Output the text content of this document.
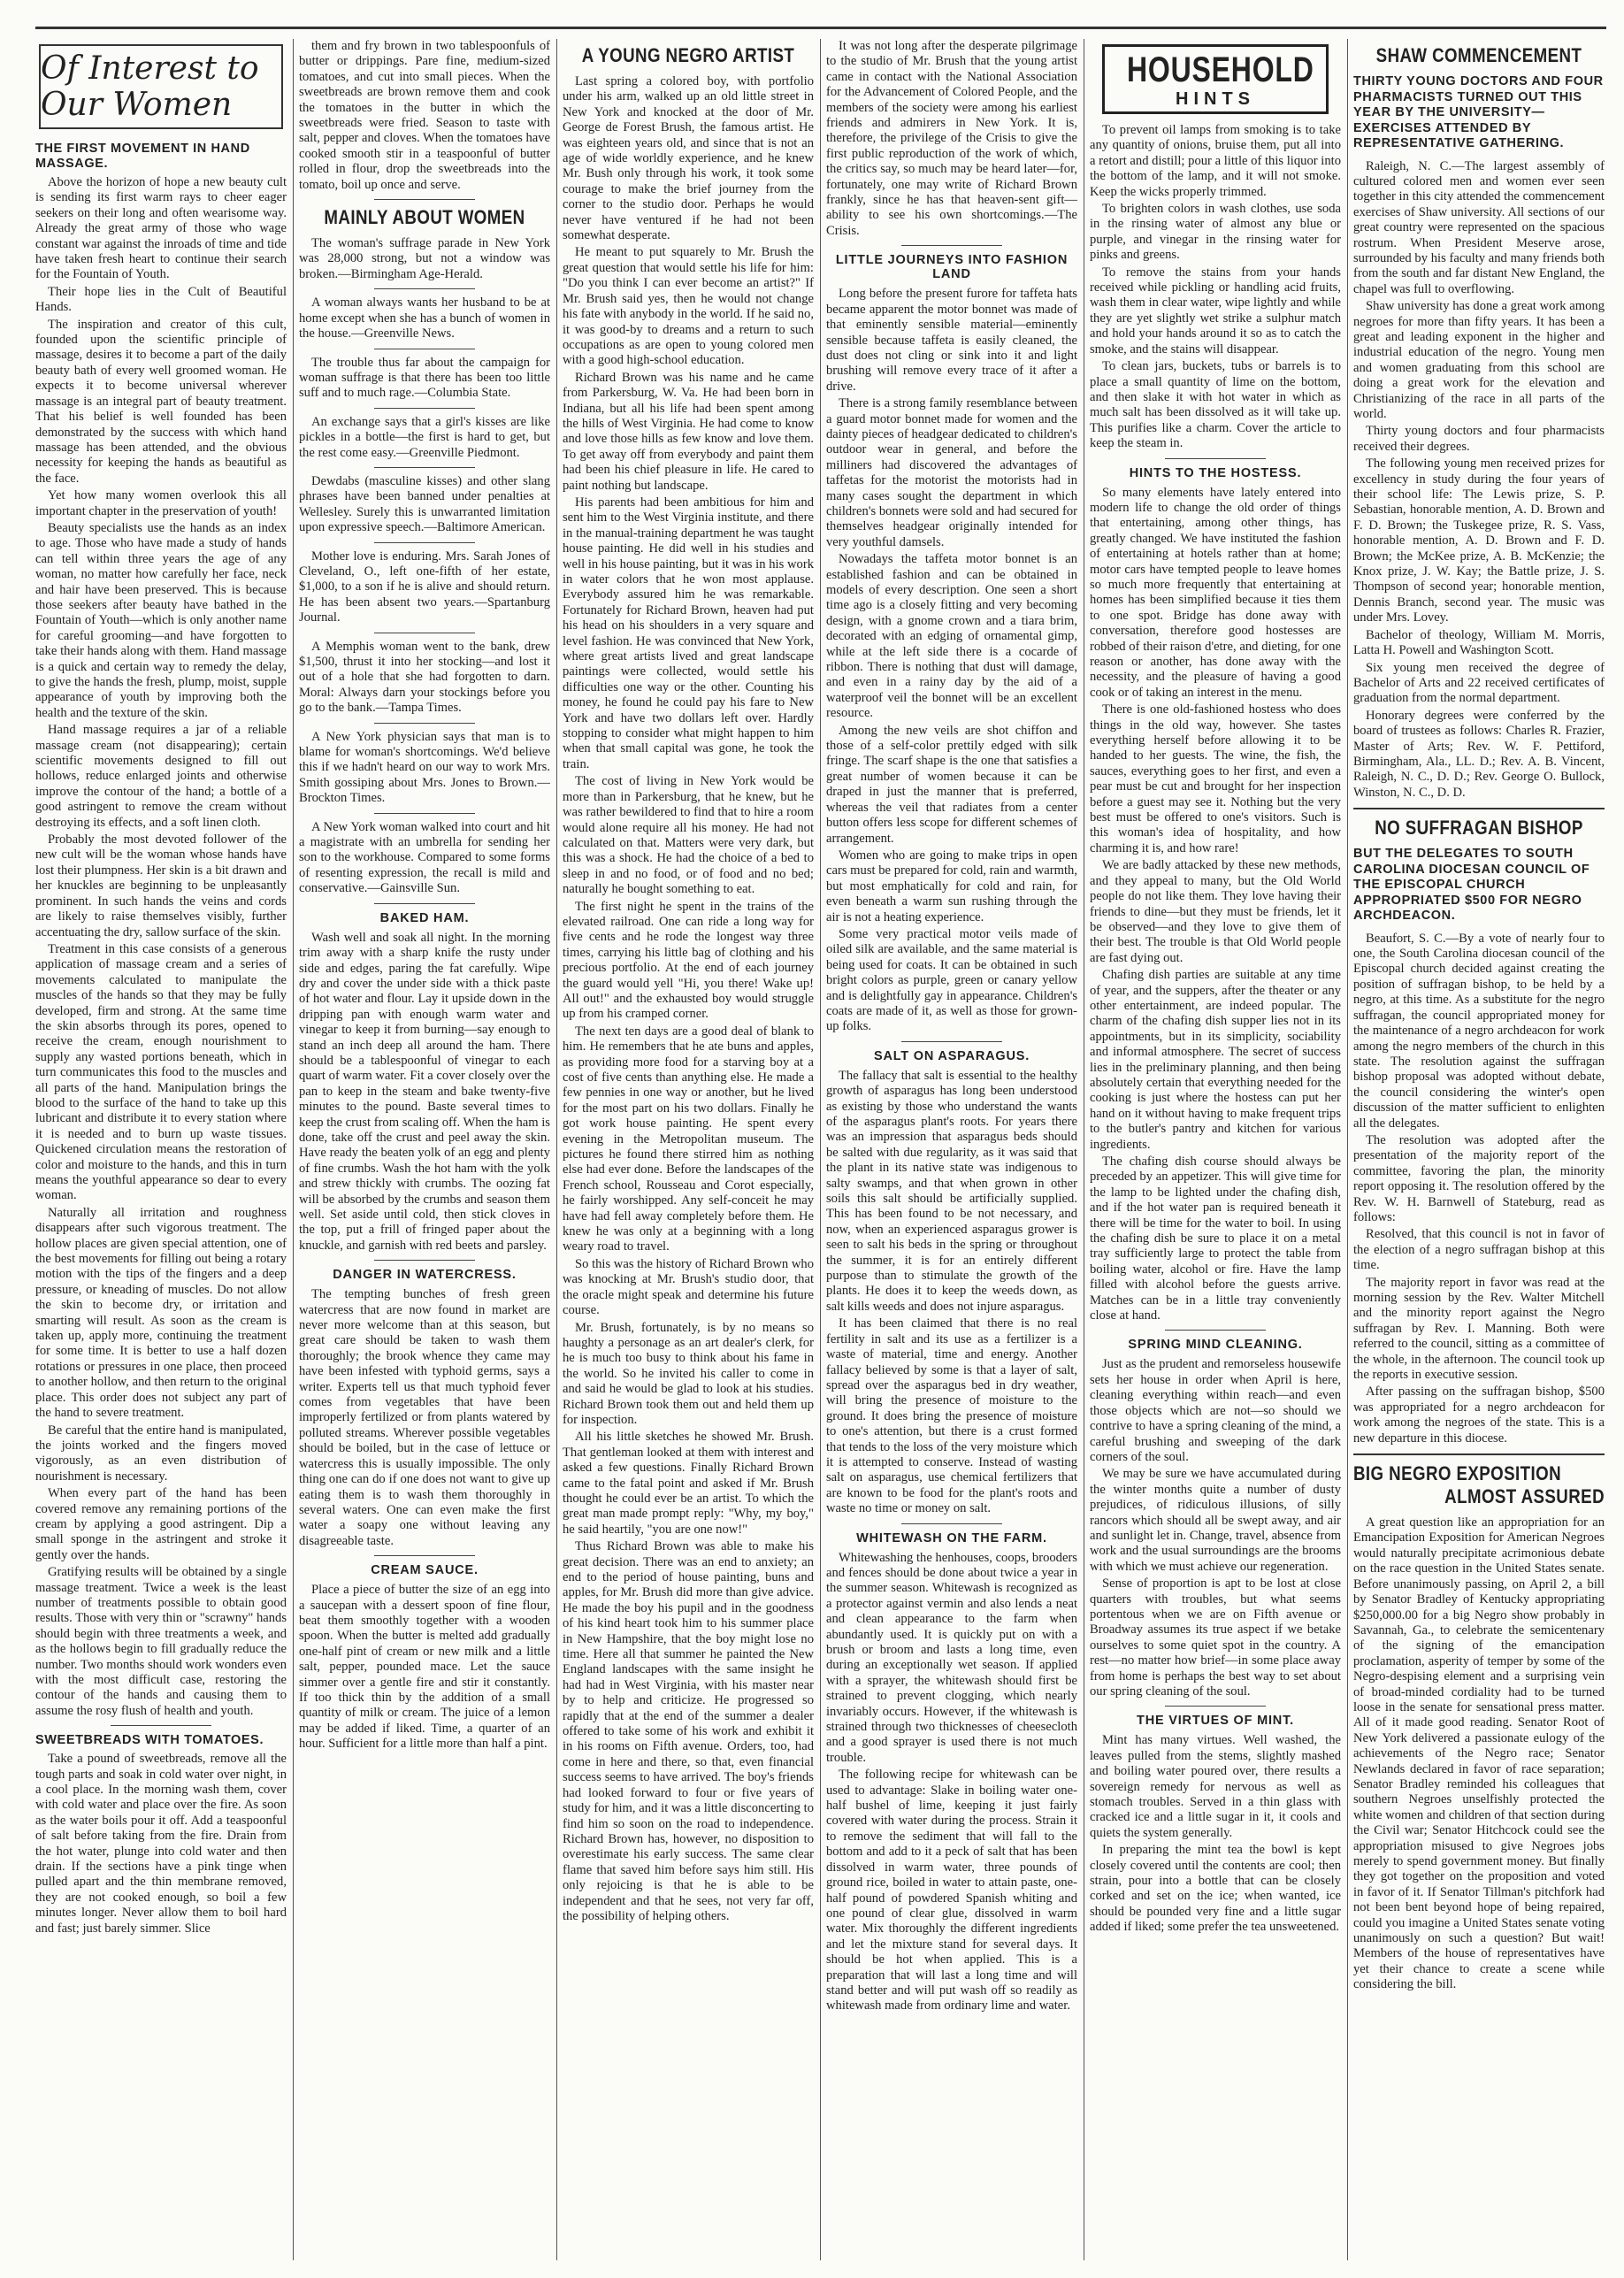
Of Interest to Our Women
THE FIRST MOVEMENT IN HAND MASSAGE.

Above the horizon of hope a new beauty cult is sending its first warm rays to cheer eager seekers on their long and often wearisome way. Already the great army of those who wage constant war against the inroads of time and tide have taken fresh heart to continue their search for the Fountain of Youth.

Their hope lies in the Cult of Beautiful Hands.

The inspiration and creator of this cult, founded upon the scientific principle of massage, desires it to become a part of the daily beauty bath of every well groomed woman. He expects it to become universal wherever massage is an integral part of beauty treatment. That his belief is well founded has been demonstrated by the success with which hand massage has been attended, and the obvious necessity for keeping the hands as beautiful as the face.

Yet how many women overlook this all important chapter in the preservation of youth!

Beauty specialists use the hands as an index to age. Those who have made a study of hands can tell within three years the age of any woman, no matter how carefully her face, neck and hair have been preserved. This is because those seekers after beauty have bathed in the Fountain of Youth—which is only another name for careful grooming—and have forgotten to take their hands along with them. Hand massage is a quick and certain way to remedy the delay, to give the hands the fresh, plump, moist, supple appearance of youth by improving both the health and the texture of the skin.

Hand massage requires a jar of a reliable massage cream (not disappearing); certain scientific movements designed to fill out hollows, reduce enlarged joints and otherwise improve the contour of the hand; a bottle of a good astringent to remove the cream without destroying its effects, and a soft linen cloth.

Probably the most devoted follower of the new cult will be the woman whose hands have lost their plumpness. Her skin is a bit drawn and her knuckles are beginning to be unpleasantly prominent. In such hands the veins and cords are likely to raise themselves visibly, further accentuating the dry, sallow surface of the skin.

Treatment in this case consists of a generous application of massage cream and a series of movements calculated to manipulate the muscles of the hands so that they may be fully developed, firm and strong. At the same time the skin absorbs through its pores, opened to receive the cream, enough nourishment to supply any wasted portions beneath, which in turn communicates this food to the muscles and all parts of the hand. Manipulation brings the blood to the surface of the hand to take up this lubricant and distribute it to every station where it is needed and to burn up waste tissues. Quickened circulation means the restoration of color and moisture to the hands, and this in turn means the youthful appearance so dear to every woman.

Naturally all irritation and roughness disappears after such vigorous treatment. The hollow places are given special attention, one of the best movements for filling out being a rotary motion with the tips of the fingers and a deep pressure, or kneading of muscles. Do not allow the skin to become dry, or irritation and smarting will result. As soon as the cream is taken up, apply more, continuing the treatment for some time. It is better to use a half dozen rotations or pressures in one place, then proceed to another hollow, and then return to the original place. This order does not subject any part of the hand to severe treatment.

Be careful that the entire hand is manipulated, the joints worked and the fingers moved vigorously, as an even distribution of nourishment is necessary.

When every part of the hand has been covered remove any remaining portions of the cream by applying a good astringent. Dip a small sponge in the astringent and stroke it gently over the hands.

Gratifying results will be obtained by a single massage treatment. Twice a week is the least number of treatments possible to obtain good results. Those with very thin or "scrawny" hands should begin with three treatments a week, and as the hollows begin to fill gradually reduce the number. Two months should work wonders even with the most difficult case, restoring the contour of the hands and causing them to assume the rosy flush of health and youth.

SWEETBREADS WITH TOMATOES.

Take a pound of sweetbreads, remove all the tough parts and soak in cold water over night, in a cool place. In the morning wash them, cover with cold water and place over the fire. As soon as the water boils pour it off. Add a teaspoonful of salt before taking from the fire. Drain from the hot water, plunge into cold water and then drain. If the sections have a pink tinge when pulled apart and the thin membrane removed, they are not cooked enough, so boil a few minutes longer. Never allow them to boil hard and fast; just barely simmer. Slice

them and fry brown in two tablespoonfuls of butter or drippings. Pare fine, medium-sized tomatoes, and cut into small pieces. When the sweetbreads are brown remove them and cook the tomatoes in the butter in which the sweetbreads were fried. Season to taste with salt, pepper and cloves. When the tomatoes have cooked smooth stir in a teaspoonful of butter rolled in flour, drop the sweetbreads into the tomato, boil up once and serve.

MAINLY ABOUT WOMEN

The woman's suffrage parade in New York was 28,000 strong, but not a window was broken.—Birmingham Age-Herald.

A woman always wants her husband to be at home except when she has a bunch of women in the house.—Greenville News.

The trouble thus far about the campaign for woman suffrage is that there has been too little suff and to much rage.—Columbia State.

An exchange says that a girl's kisses are like pickles in a bottle—the first is hard to get, but the rest come easy.—Greenville Piedmont.

Dewdabs (masculine kisses) and other slang phrases have been banned under penalties at Wellesley. Surely this is unwarranted limitation upon expressive speech.—Baltimore American.

Mother love is enduring. Mrs. Sarah Jones of Cleveland, O., left one-fifth of her estate, $1,000, to a son if he is alive and should return. He has been absent two years.—Spartanburg Journal.

A Memphis woman went to the bank, drew $1,500, thrust it into her stocking—and lost it out of a hole that she had forgotten to darn. Moral: Always darn your stockings before you go to the bank.—Tampa Times.

A New York physician says that man is to blame for woman's shortcomings. We'd believe this if we hadn't heard on our way to work Mrs. Smith gossiping about Mrs. Jones to Brown.—Brockton Times.

A New York woman walked into court and hit a magistrate with an umbrella for sending her son to the workhouse. Compared to some forms of resenting expression, the recall is mild and conservative.—Gainsville Sun.

BAKED HAM.

Wash well and soak all night. In the morning trim away with a sharp knife the rusty under side and edges, paring the fat carefully. Wipe dry and cover the under side with a thick paste of hot water and flour. Lay it upside down in the dripping pan with enough warm water and vinegar to keep it from burning—say enough to stand an inch deep all around the ham. There should be a tablespoonful of vinegar to each quart of warm water. Fit a cover closely over the pan to keep in the steam and bake twenty-five minutes to the pound. Baste several times to keep the crust from scaling off. When the ham is done, take off the crust and peel away the skin. Have ready the beaten yolk of an egg and plenty of fine crumbs. Wash the hot ham with the yolk and strew thickly with crumbs. The oozing fat will be absorbed by the crumbs and season them well. Set aside until cold, then stick cloves in the top, put a frill of fringed paper about the knuckle, and garnish with red beets and parsley.

DANGER IN WATERCRESS.

The tempting bunches of fresh green watercress that are now found in market are never more welcome than at this season, but great care should be taken to wash them thoroughly; the brook whence they came may have been infested with typhoid germs, says a writer. Experts tell us that much typhoid fever comes from vegetables that have been improperly fertilized or from plants watered by polluted streams. Wherever possible vegetables should be boiled, but in the case of lettuce or watercress this is usually impossible. The only thing one can do if one does not want to give up eating them is to wash them thoroughly in several waters. One can even make the first water a soapy one without leaving any disagreeable taste.

CREAM SAUCE.

Place a piece of butter the size of an egg into a saucepan with a dessert spoon of fine flour, beat them smoothly together with a wooden spoon. When the butter is melted add gradually one-half pint of cream or new milk and a little salt, pepper, pounded mace. Let the sauce simmer over a gentle fire and stir it constantly. If too thick thin by the addition of a small quantity of milk or cream. The juice of a lemon may be added if liked. Time, a quarter of an hour. Sufficient for a little more than half a pint.

A YOUNG NEGRO ARTIST

Last spring a colored boy, with portfolio under his arm, walked up an old little street in New York and knocked at the door of Mr. George de Forest Brush, the famous artist. He was eighteen years old, and since that is not an age of wide worldly experience, and he knew Mr. Bush only through his work, it took some courage to make the brief journey from the corner to the studio door. Perhaps he would never have ventured if he had not been somewhat desperate.

He meant to put squarely to Mr. Brush the great question that would settle his life for him: "Do you think I can ever become an artist?" If Mr. Brush said yes, then he would not change his fate with anybody in the world. If he said no, it was good-by to dreams and a return to such occupations as are open to young colored men with a good high-school education.

Richard Brown was his name and he came from Parkersburg, W. Va. He had been born in Indiana, but all his life had been spent among the hills of West Virginia. He had come to know and love those hills as few know and love them. To get away off from everybody and paint them had been his chief pleasure in life. He cared to paint nothing but landscape.

His parents had been ambitious for him and sent him to the West Virginia institute, and there in the manual-training department he was taught house painting. He did well in his studies and well in his house painting, but it was in his work in water colors that he won most applause. Everybody assured him he was remarkable. Fortunately for Richard Brown, heaven had put his head on his shoulders in a very square and level fashion. He was convinced that New York, where great artists lived and great landscape paintings were collected, would settle his difficulties one way or the other. Counting his money, he found he could pay his fare to New York and have two dollars left over. Hardly stopping to consider what might happen to him when that small capital was gone, he took the train.

The cost of living in New York would be more than in Parkersburg, that he knew, but he was rather bewildered to find that to hire a room would alone require all his money. He had not calculated on that. Matters were very dark, but this was a shock. He had the choice of a bed to sleep in and no food, or of food and no bed; naturally he bought something to eat.

The first night he spent in the trains of the elevated railroad. One can ride a long way for five cents and he rode the longest way three times, carrying his little bag of clothing and his precious portfolio. At the end of each journey the guard would yell "Hi, you there! Wake up! All out!" and the exhausted boy would struggle up from his cramped corner.

The next ten days are a good deal of blank to him. He remembers that he ate buns and apples, as providing more food for a starving boy at a cost of five cents than anything else. He made a few pennies in one way or another, but he lived for the most part on his two dollars. Finally he got work house painting. He spent every evening in the Metropolitan museum. The pictures he found there stirred him as nothing else had ever done. Before the landscapes of the French school, Rousseau and Corot especially, he fairly worshipped. Any self-conceit he may have had fell away completely before them. He knew he was only at a beginning with a long weary road to travel.

So this was the history of Richard Brown who was knocking at Mr. Brush's studio door, that the oracle might speak and determine his future course.

Mr. Brush, fortunately, is by no means so haughty a personage as an art dealer's clerk, for he is much too busy to think about his fame in the world. So he invited his caller to come in and said he would be glad to look at his studies. Richard Brown took them out and held them up for inspection.

All his little sketches he showed Mr. Brush. That gentleman looked at them with interest and asked a few questions. Finally Richard Brown came to the fatal point and asked if Mr. Brush thought he could ever be an artist. To which the great man made prompt reply: "Why, my boy," he said heartily, "you are one now!"

Thus Richard Brown was able to make his great decision. There was an end to anxiety; an end to the period of house painting, buns and apples, for Mr. Brush did more than give advice. He made the boy his pupil and in the goodness of his kind heart took him to his summer place in New Hampshire, that the boy might lose no time. Here all that summer he painted the New England landscapes with the same insight he had had in West Virginia, with his master near by to help and criticize. He progressed so rapidly that at the end of the summer a dealer offered to take some of his work and exhibit it in his rooms on Fifth avenue. Orders, too, had come in here and there, so that, even financial success seems to have arrived. The boy's friends had looked forward to four or five years of study for him, and it was a little disconcerting to find him so soon on the road to independence. Richard Brown has, however, no disposition to overestimate his early success. The same clear flame that saved him before says him still. His only rejoicing is that he is able to be independent and that he sees, not very far off, the possibility of helping others.

It was not long after the desperate pilgrimage to the studio of Mr. Brush that the young artist came in contact with the National Association for the Advancement of Colored People, and the members of the society were among his earliest friends and admirers in New York. It is, therefore, the privilege of the Crisis to give the first public reproduction of the work of which, the critics say, so much may be heard later—for, fortunately, one may write of Richard Brown frankly, since he has that heaven-sent gift—ability to see his own shortcomings.—The Crisis.

LITTLE JOURNEYS INTO FASHION LAND

Long before the present furore for taffeta hats became apparent the motor bonnet was made of that eminently sensible material—eminently sensible because taffeta is easily cleaned, the dust does not cling or sink into it and light brushing will remove every trace of it after a drive.

There is a strong family resemblance between a guard motor bonnet made for women and the dainty pieces of headgear dedicated to children's outdoor wear in general, and before the milliners had discovered the advantages of taffetas for the motorist the motorists had in many cases sought the department in which children's bonnets were sold and had secured for themselves headgear originally intended for very youthful damsels.

Nowadays the taffeta motor bonnet is an established fashion and can be obtained in models of every description. One seen a short time ago is a closely fitting and very becoming design, with a gnome crown and a tiara brim, decorated with an edging of ornamental gimp, while at the left side there is a cocarde of ribbon. There is nothing that dust will damage, and even in a rainy day by the aid of a waterproof veil the bonnet will be an excellent resource.

Among the new veils are shot chiffon and those of a self-color prettily edged with silk fringe. The scarf shape is the one that satisfies a great number of women because it can be draped in just the manner that is preferred, whereas the veil that radiates from a center button offers less scope for different schemes of arrangement.

Women who are going to make trips in open cars must be prepared for cold, rain and warmth, but most emphatically for cold and rain, for even beneath a warm sun rushing through the air is not a heating experience.

Some very practical motor veils made of oiled silk are available, and the same material is being used for coats. It can be obtained in such bright colors as purple, green or canary yellow and is delightfully gay in appearance. Children's coats are made of it, as well as those for grown-up folks.

SALT ON ASPARAGUS.

The fallacy that salt is essential to the healthy growth of asparagus has long been understood as existing by those who understand the wants of the asparagus plant's roots. For years there was an impression that asparagus beds should be salted with due regularity, as it was said that the plant in its native state was indigenous to salty swamps, and that when grown in other soils this salt should be artificially supplied. This has been found to be not necessary, and now, when an experienced asparagus grower is seen to salt his beds in the spring or throughout the summer, it is for an entirely different purpose than to stimulate the growth of the plants. He does it to keep the weeds down, as salt kills weeds and does not injure asparagus.

It has been claimed that there is no real fertility in salt and its use as a fertilizer is a waste of material, time and energy. Another fallacy believed by some is that a layer of salt, spread over the asparagus bed in dry weather, will bring the presence of moisture to the ground. It does bring the presence of moisture to one's attention, but there is a crust formed that tends to the loss of the very moisture which it is attempted to conserve. Instead of wasting salt on asparagus, use chemical fertilizers that are known to be food for the plant's roots and waste no time or money on salt.

WHITEWASH ON THE FARM.

Whitewashing the henhouses, coops, brooders and fences should be done about twice a year in the summer season. Whitewash is recognized as a protector against vermin and also lends a neat and clean appearance to the farm when abundantly used. It is quickly put on with a brush or broom and lasts a long time, even during an exceptionally wet season. If applied with a sprayer, the whitewash should first be strained to prevent clogging, which nearly invariably occurs. However, if the whitewash is strained through two thicknesses of cheesecloth and a good sprayer is used there is not much trouble.

The following recipe for whitewash can be used to advantage: Slake in boiling water one-half bushel of lime, keeping it just fairly covered with water during the process. Strain it to remove the sediment that will fall to the bottom and add to it a peck of salt that has been dissolved in warm water, three pounds of ground rice, boiled in water to attain paste, one-half pound of powdered Spanish whiting and one pound of clear glue, dissolved in warm water. Mix thoroughly the different ingredients and let the mixture stand for several days. It should be hot when applied. This is a preparation that will last a long time and will stand better and will put wash off so readily as whitewash made from ordinary lime and water.

HOUSEHOLD
HINTS

To prevent oil lamps from smoking is to take any quantity of onions, bruise them, put all into a retort and distill; pour a little of this liquor into the bottom of the lamp, and it will not smoke. Keep the wicks properly trimmed.

To brighten colors in wash clothes, use soda in the rinsing water of almost any blue or purple, and vinegar in the rinsing water for pinks and greens.

To remove the stains from your hands received while pickling or handling acid fruits, wash them in clear water, wipe lightly and while they are yet slightly wet strike a sulphur match and hold your hands around it so as to catch the smoke, and the stains will disappear.

To clean jars, buckets, tubs or barrels is to place a small quantity of lime on the bottom, and then slake it with hot water in which as much salt has been dissolved as it will take up. This purifies like a charm. Cover the article to keep the steam in.

HINTS TO THE HOSTESS.

So many elements have lately entered into modern life to change the old order of things that entertaining, among other things, has greatly changed. We have instituted the fashion of entertaining at hotels rather than at home; motor cars have tempted people to leave homes so much more frequently that entertaining at homes has been simplified because it ties them to one spot. Bridge has done away with conversation, therefore good hostesses are robbed of their raison d'etre, and dieting, for one reason or another, has done away with the necessity, and the pleasure of having a good cook or of taking an interest in the menu.

There is one old-fashioned hostess who does things in the old way, however. She tastes everything herself before allowing it to be handed to her guests. The wine, the fish, the sauces, everything goes to her first, and even a pear must be cut and brought for her inspection before a guest may see it. Nothing but the very best must be offered to one's visitors. Such is this woman's idea of hospitality, and how charming it is, and how rare!

We are badly attacked by these new methods, and they appeal to many, but the Old World people do not like them. They love having their friends to dine—but they must be friends, let it be observed—and they love to give them of their best. The trouble is that Old World people are fast dying out.

Chafing dish parties are suitable at any time of year, and the suppers, after the theater or any other entertainment, are indeed popular. The charm of the chafing dish supper lies not in its appointments, but in its simplicity, sociability and informal atmosphere. The secret of success lies in the preliminary planning, and then being absolutely certain that everything needed for the cooking is just where the hostess can put her hand on it without having to make frequent trips to the butler's pantry and kitchen for various ingredients.

The chafing dish course should always be preceded by an appetizer. This will give time for the lamp to be lighted under the chafing dish, and if the hot water pan is required beneath it there will be time for the water to boil. In using the chafing dish be sure to place it on a metal tray sufficiently large to protect the table from boiling water, alcohol or fire. Have the lamp filled with alcohol before the guests arrive. Matches can be in a little tray conveniently close at hand.

SPRING MIND CLEANING.

Just as the prudent and remorseless housewife sets her house in order when April is here, cleaning everything within reach—and even those objects which are not—so should we contrive to have a spring cleaning of the mind, a careful brushing and sweeping of the dark corners of the soul.

We may be sure we have accumulated during the winter months quite a number of dusty prejudices, of ridiculous illusions, of silly rancors which should all be swept away, and air and sunlight let in. Change, travel, absence from work and the usual surroundings are the brooms with which we must achieve our regeneration.

Sense of proportion is apt to be lost at close quarters with troubles, but what seems portentous when we are on Fifth avenue or Broadway assumes its true aspect if we betake ourselves to some quiet spot in the country. A rest—no matter how brief—in some place away from home is perhaps the best way to set about our spring cleaning of the soul.

THE VIRTUES OF MINT.

Mint has many virtues. Well washed, the leaves pulled from the stems, slightly mashed and boiling water poured over, there results a sovereign remedy for nervous as well as stomach troubles. Served in a thin glass with cracked ice and a little sugar in it, it cools and quiets the system generally.

In preparing the mint tea the bowl is kept closely covered until the contents are cool; then strain, pour into a bottle that can be closely corked and set on the ice; when wanted, ice should be pounded very fine and a little sugar added if liked; some prefer the tea unsweetened.

SHAW COMMENCEMENT
THIRTY YOUNG DOCTORS AND FOUR PHARMACISTS TURNED OUT THIS YEAR BY THE UNIVERSITY—EXERCISES ATTENDED BY REPRESENTATIVE GATHERING.

Raleigh, N. C.—The largest assembly of cultured colored men and women ever seen together in this city attended the commencement exercises of Shaw university. All sections of our great country were represented on the spacious rostrum. When President Meserve arose, surrounded by his faculty and many friends both from the south and far distant New England, the chapel was full to overflowing.

Shaw university has done a great work among negroes for more than fifty years. It has been a great and leading exponent in the higher and industrial education of the negro. Young men and women graduating from this school are doing a great work for the elevation and Christianizing of the race in all parts of the world.

Thirty young doctors and four pharmacists received their degrees.

The following young men received prizes for excellency in study during the four years of their school life: The Lewis prize, S. P. Sebastian, honorable mention, A. D. Brown and F. D. Brown; the Tuskegee prize, R. S. Vass, honorable mention, A. D. Brown and F. D. Brown; the McKee prize, A. B. McKenzie; the Knox prize, J. W. Kay; the Battle prize, J. S. Thompson of second year; honorable mention, Dennis Branch, second year. The music was under Mrs. Lovey.

Bachelor of theology, William M. Morris, Latta H. Powell and Washington Scott.

Six young men received the degree of Bachelor of Arts and 22 received certificates of graduation from the normal department.

Honorary degrees were conferred by the board of trustees as follows: Charles R. Frazier, Master of Arts; Rev. W. F. Pettiford, Birmingham, Ala., LL. D.; Rev. A. B. Vincent, Raleigh, N. C., D. D.; Rev. George O. Bullock, Winston, N. C., D. D.

NO SUFFRAGAN BISHOP
BUT THE DELEGATES TO SOUTH CAROLINA DIOCESAN COUNCIL OF THE EPISCOPAL CHURCH APPROPRIATED $500 FOR NEGRO ARCHDEACON.

Beaufort, S. C.—By a vote of nearly four to one, the South Carolina diocesan council of the Episcopal church decided against creating the position of suffragan bishop, to be held by a negro, at this time. As a substitute for the negro suffragan, the council appropriated money for the maintenance of a negro archdeacon for work among the negro members of the church in this state. The resolution against the suffragan bishop proposal was adopted without debate, the council considering the winter's open discussion of the matter sufficient to enlighten all the delegates.

The resolution was adopted after the presentation of the majority report of the committee, favoring the plan, the minority report opposing it. The resolution offered by the Rev. W. H. Barnwell of Stateburg, read as follows:

Resolved, that this council is not in favor of the election of a negro suffragan bishop at this time.

The majority report in favor was read at the morning session by the Rev. Walter Mitchell and the minority report against the Negro suffragan by Rev. I. Manning. Both were referred to the council, sitting as a committee of the whole, in the afternoon. The council took up the reports in executive session.

After passing on the suffragan bishop, $500 was appropriated for a negro archdeacon for work among the negroes of the state. This is a new departure in this diocese.

BIG NEGRO EXPOSITION
ALMOST ASSURED

A great question like an appropriation for an Emancipation Exposition for American Negroes would naturally precipitate acrimonious debate on the race question in the United States senate. Before unanimously passing, on April 2, a bill by Senator Bradley of Kentucky appropriating $250,000.00 for a big Negro show probably in Savannah, Ga., to celebrate the semicentenary of the signing of the emancipation proclamation, asperity of temper by some of the Negro-despising element and a surprising vein of broad-minded cordiality had to be turned loose in the senate for sensational press matter. All of it made good reading. Senator Root of New York delivered a passionate eulogy of the achievements of the Negro race; Senator Newlands declared in favor of race separation; Senator Bradley reminded his colleagues that southern Negroes unselfishly protected the white women and children of that section during the Civil war; Senator Hitchcock could see the appropriation misused to give Negroes jobs merely to spend government money. But finally they got together on the proposition and voted in favor of it. If Senator Tillman's pitchfork had not been bent beyond hope of being repaired, could you imagine a United States senate voting unanimously on such a question? But wait! Members of the house of representatives have yet their chance to create a scene while considering the bill.
